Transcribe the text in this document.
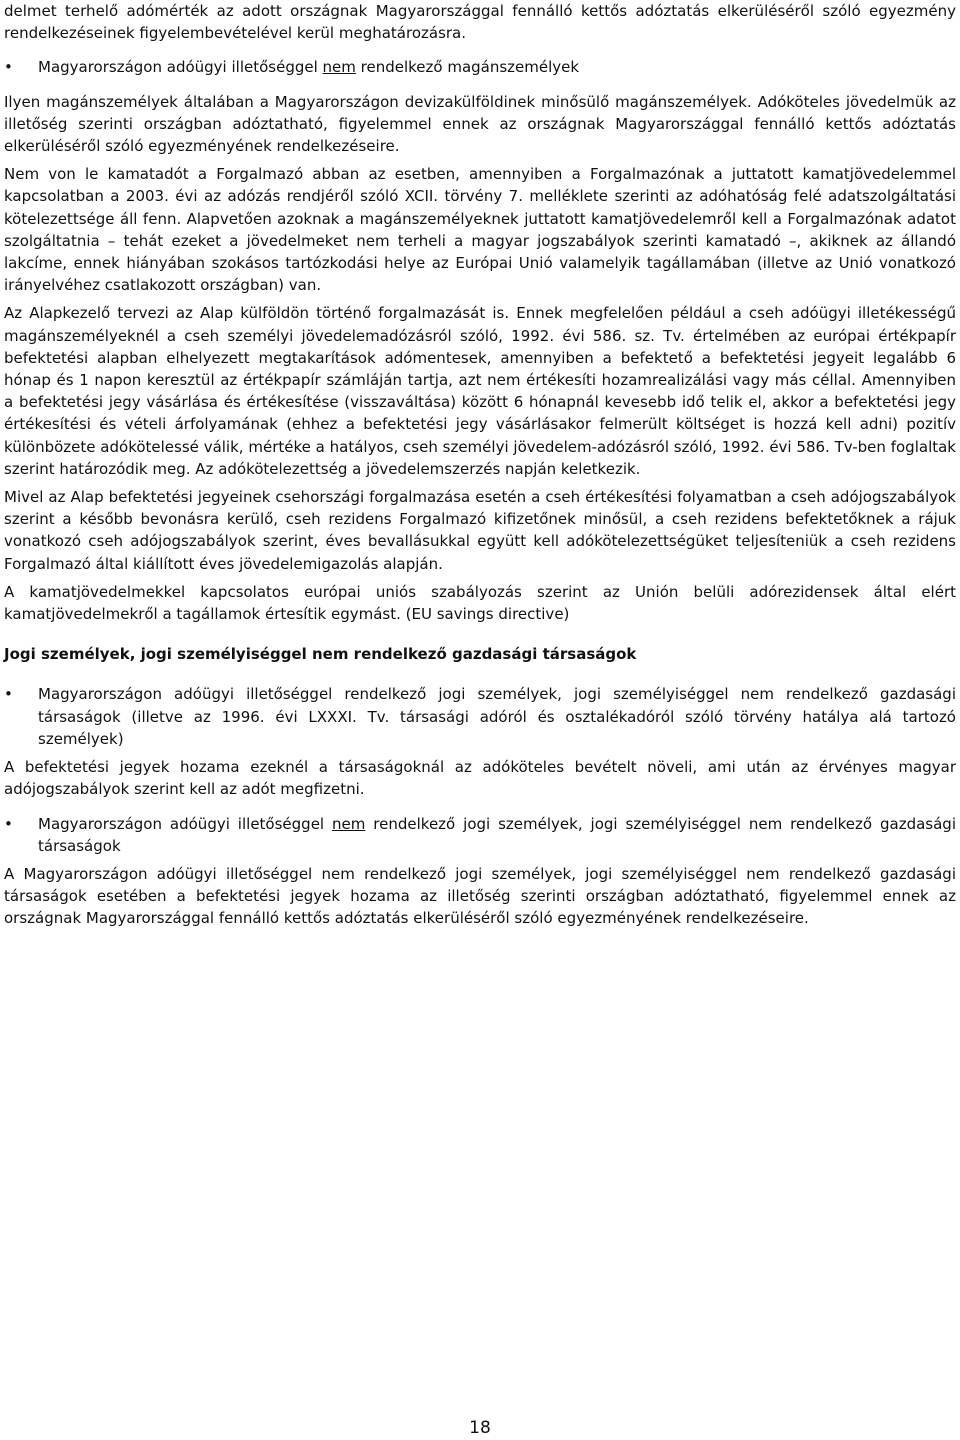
delmet terhelő adómérték az adott országnak Magyarországgal fennálló kettős adóztatás elkerüléséről szóló egyezmény rendelkezéseinek figyelembevételével kerül meghatározásra.

• Magyarországon adóügyi illetőséggel nem rendelkező magánszemélyek

Ilyen magánszemélyek általában a Magyarországon devizakülföldinek minősülő magánszemélyek. Adóköteles jövedelmük az illetőség szerinti országban adóztatható, figyelemmel ennek az országnak Magyarországgal fennálló kettős adóztatás elkerüléséről szóló egyezményének rendelkezéseire.

Nem von le kamatadót a Forgalmazó abban az esetben, amennyiben a Forgalmazónak a juttatott kamatjövedelemmel kapcsolatban a 2003. évi az adózás rendjéről szóló XCII. törvény 7. melléklete szerinti az adóhatóság felé adatszolgáltatási kötelezettsége áll fenn. Alapvetően azoknak a magánszemélyeknek juttatott kamatjövedelemről kell a Forgalmazónak adatot szolgáltatnia – tehát ezeket a jövedelmeket nem terheli a magyar jogszabályok szerinti kamatadó –, akiknek az állandó lakcíme, ennek hiányában szokásos tartózkodási helye az Európai Unió valamelyik tagállamában (illetve az Unió vonatkozó irányelvéhez csatlakozott országban) van.

Az Alapkezelő tervezi az Alap külföldön történő forgalmazását is. Ennek megfelelően például a cseh adóügyi illetékességű magánszemélyeknél a cseh személyi jövedelemadózásról szóló, 1992. évi 586. sz. Tv. értelmében az európai értékpapír befektetési alapban elhelyezett megtakarítások adómentesek, amennyiben a befektető a befektetési jegyeit legalább 6 hónap és 1 napon keresztül az értékpapír számláján tartja, azt nem értékesíti hozamrealizálási vagy más céllal. Amennyiben a befektetési jegy vásárlása és értékesítése (visszaváltása) között 6 hónapnál kevesebb idő telik el, akkor a befektetési jegy értékesítési és vételi árfolyamának (ehhez a befektetési jegy vásárlásakor felmerült költséget is hozzá kell adni) pozitív különbözete adókötelessé válik, mértéke a hatályos, cseh személyi jövedelem-adózásról szóló, 1992. évi 586. Tv-ben foglaltak szerint határozódik meg. Az adókötelezettség a jövedelemszerzés napján keletkezik.

Mivel az Alap befektetési jegyeinek csehországi forgalmazása esetén a cseh értékesítési folyamatban a cseh adójogszabályok szerint a később bevonásra kerülő, cseh rezidens Forgalmazó kifizetőnek minősül, a cseh rezidens befektetőknek a rájuk vonatkozó cseh adójogszabályok szerint, éves bevallásukkal együtt kell adókötelezettségüket teljesíteniük a cseh rezidens Forgalmazó által kiállított éves jövedelemigazolás alapján.

A kamatjövedelmekkel kapcsolatos európai uniós szabályozás szerint az Unión belüli adórezidensek által elért kamatjövedelmekről a tagállamok értesítik egymást. (EU savings directive)

Jogi személyek, jogi személyiséggel nem rendelkező gazdasági társaságok

• Magyarországon adóügyi illetőséggel rendelkező jogi személyek, jogi személyiséggel nem rendelkező gazdasági társaságok (illetve az 1996. évi LXXXI. Tv. társasági adóról és osztalékadóról szóló törvény hatálya alá tartozó személyek)

A befektetési jegyek hozama ezeknél a társaságoknál az adóköteles bevételt növeli, ami után az érvényes magyar adójogszabályok szerint kell az adót megfizetni.

• Magyarországon adóügyi illetőséggel nem rendelkező jogi személyek, jogi személyiséggel nem rendelkező gazdasági társaságok

A Magyarországon adóügyi illetőséggel nem rendelkező jogi személyek, jogi személyiséggel nem rendelkező gazdasági társaságok esetében a befektetési jegyek hozama az illetőség szerinti országban adóztatható, figyelemmel ennek az országnak Magyarországgal fennálló kettős adóztatás elkerüléséről szóló egyezményének rendelkezéseire.

18
